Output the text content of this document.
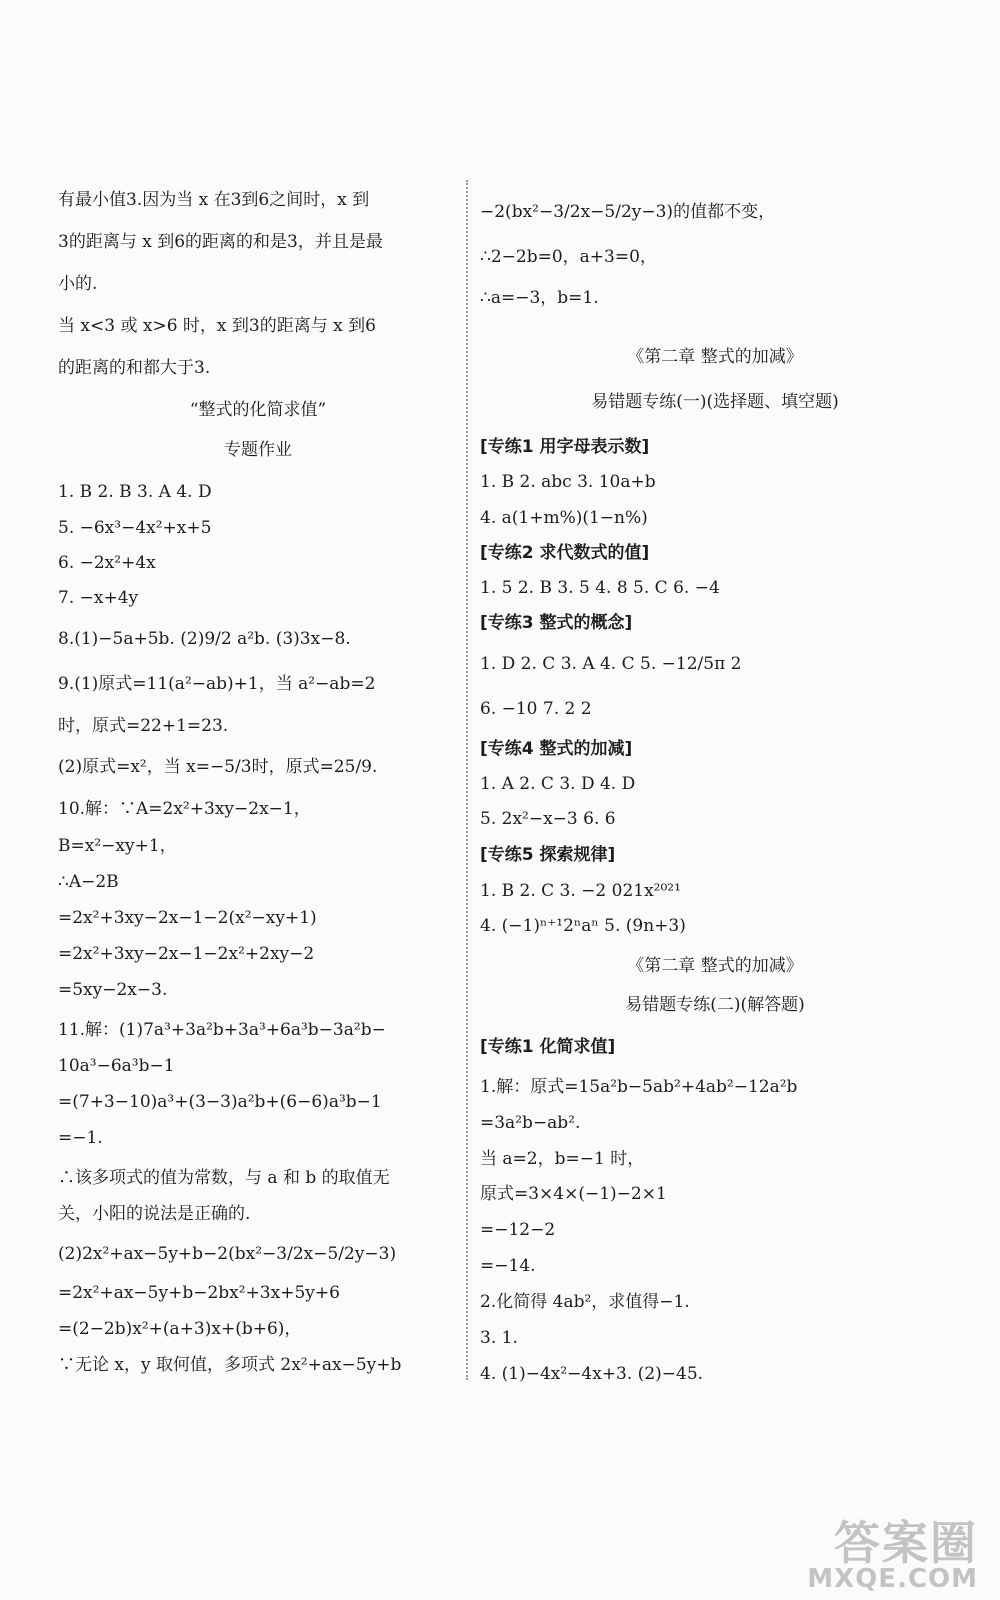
有最小值3.因为当 x 在3到6之间时，x 到
3的距离与 x 到6的距离的和是3，并且是最
小的.
当 x<3 或 x>6 时，x 到3的距离与 x 到6
的距离的和都大于3.
“整式的化简求值”
专题作业
1. B 2. B 3. A 4. D
5. −6x³−4x²+x+5
6. −2x²+4x
7. −x+4y
8.(1)−5a+5b. (2)9/2 a²b. (3)3x−8.
9.(1)原式=11(a²−ab)+1，当 a²−ab=2
时，原式=22+1=23.
(2)原式=x²，当 x=−5/3时，原式=25/9.
10.解：∵A=2x²+3xy−2x−1，
B=x²−xy+1，
∴A−2B
=2x²+3xy−2x−1−2(x²−xy+1)
=2x²+3xy−2x−1−2x²+2xy−2
=5xy−2x−3.
11.解：(1)7a³+3a²b+3a³+6a³b−3a²b−
10a³−6a³b−1
=(7+3−10)a³+(3−3)a²b+(6−6)a³b−1
=−1.
∴该多项式的值为常数，与 a 和 b 的取值无
关，小阳的说法是正确的.
(2)2x²+ax−5y+b−2(bx²−3/2x−5/2y−3)
=2x²+ax−5y+b−2bx²+3x+5y+6
=(2−2b)x²+(a+3)x+(b+6)，
∵无论 x，y 取何值，多项式 2x²+ax−5y+b
−2(bx²−3/2x−5/2y−3)的值都不变，
∴2−2b=0，a+3=0，
∴a=−3，b=1.
《第二章 整式的加减》
易错题专练(一)(选择题、填空题)
[专练1 用字母表示数]
1. B 2. abc 3. 10a+b
4. a(1+m%)(1−n%)
[专练2 求代数式的值]
1. 5 2. B 3. 5 4. 8 5. C 6. −4
[专练3 整式的概念]
1. D 2. C 3. A 4. C 5. −12/5π 2
6. −10 7. 2 2
[专练4 整式的加减]
1. A 2. C 3. D 4. D
5. 2x²−x−3 6. 6
[专练5 探索规律]
1. B 2. C 3. −2 021x²⁰²¹
4. (−1)ⁿ⁺¹2ⁿaⁿ 5. (9n+3)
《第二章 整式的加减》
易错题专练(二)(解答题)
[专练1 化简求值]
1.解：原式=15a²b−5ab²+4ab²−12a²b
=3a²b−ab².
当 a=2，b=−1 时，
原式=3×4×(−1)−2×1
=−12−2
=−14.
2.化简得 4ab²，求值得−1.
3. 1.
4. (1)−4x²−4x+3. (2)−45.
答案圈
MXQE.COM
